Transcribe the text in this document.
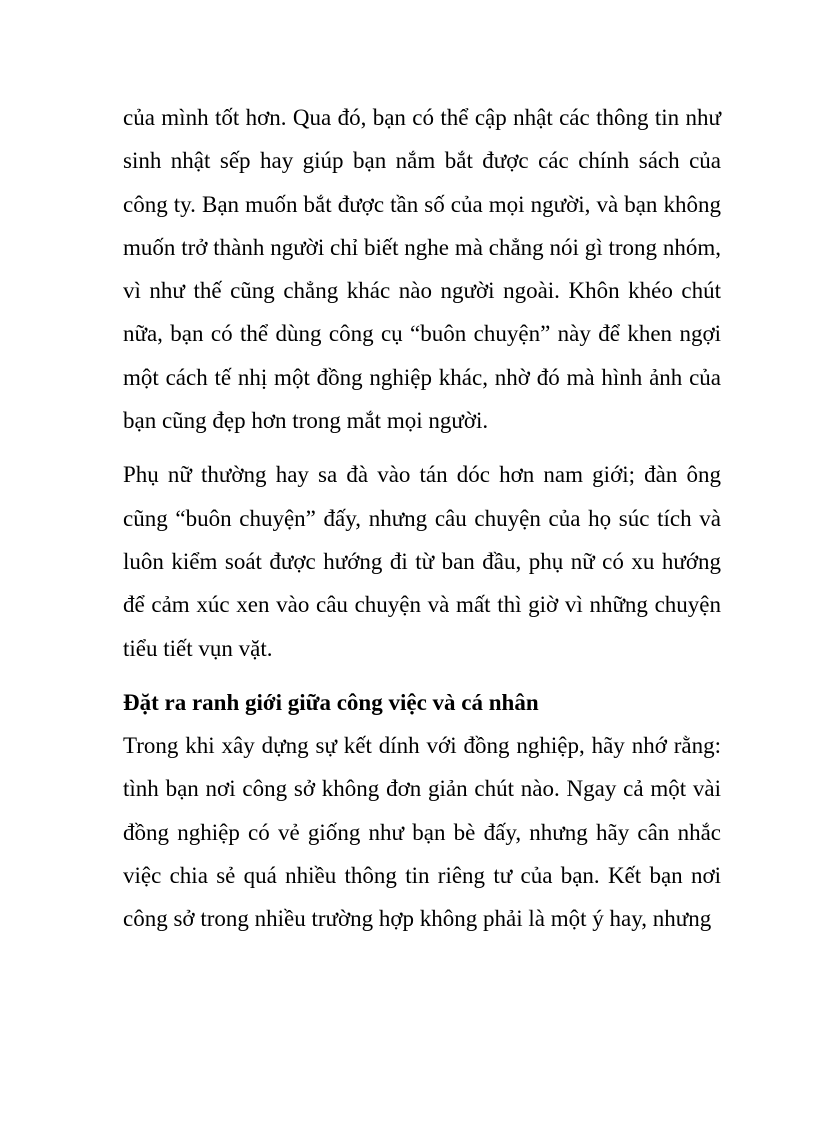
của mình tốt hơn. Qua đó, bạn có thể cập nhật các thông tin như sinh nhật sếp hay giúp bạn nắm bắt được các chính sách của công ty. Bạn muốn bắt được tần số của mọi người, và bạn không muốn trở thành người chỉ biết nghe mà chẳng nói gì trong nhóm, vì như thế cũng chẳng khác nào người ngoài. Khôn khéo chút nữa, bạn có thể dùng công cụ “buôn chuyện” này để khen ngợi một cách tế nhị một đồng nghiệp khác, nhờ đó mà hình ảnh của bạn cũng đẹp hơn trong mắt mọi người.

Phụ nữ thường hay sa đà vào tán dóc hơn nam giới; đàn ông cũng “buôn chuyện” đấy, nhưng câu chuyện của họ súc tích và luôn kiểm soát được hướng đi từ ban đầu, phụ nữ có xu hướng để cảm xúc xen vào câu chuyện và mất thì giờ vì những chuyện tiểu tiết vụn vặt.

Đặt ra ranh giới giữa công việc và cá nhân

Trong khi xây dựng sự kết dính với đồng nghiệp, hãy nhớ rằng: tình bạn nơi công sở không đơn giản chút nào. Ngay cả một vài đồng nghiệp có vẻ giống như bạn bè đấy, nhưng hãy cân nhắc việc chia sẻ quá nhiều thông tin riêng tư của bạn. Kết bạn nơi công sở trong nhiều trường hợp không phải là một ý hay, nhưng
